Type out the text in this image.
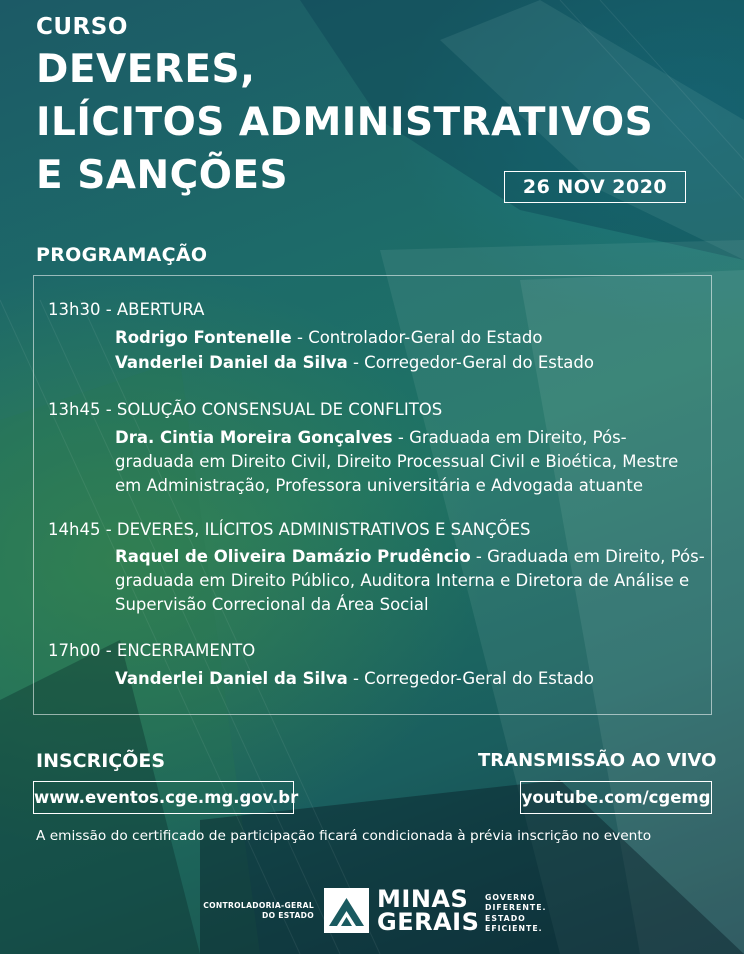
CURSO
DEVERES,
ILÍCITOS ADMINISTRATIVOS
E SANÇÕES	26 NOV 2020
PROGRAMAÇÃO
13h30 - ABERTURA
Rodrigo Fontenelle - Controlador-Geral do Estado
Vanderlei Daniel da Silva - Corregedor-Geral do Estado
13h45 - SOLUÇÃO CONSENSUAL DE CONFLITOS
Dra. Cintia Moreira Gonçalves - Graduada em Direito, Pós-graduada em Direito Civil, Direito Processual Civil e Bioética, Mestre em Administração, Professora universitária e Advogada atuante
14h45 - DEVERES, ILÍCITOS ADMINISTRATIVOS E SANÇÕES
Raquel de Oliveira Damázio Prudêncio - Graduada em Direito, Pós-graduada em Direito Público, Auditora Interna e Diretora de Análise e Supervisão Correcional da Área Social
17h00 - ENCERRAMENTO
Vanderlei Daniel da Silva - Corregedor-Geral do Estado
INSCRIÇÕES
www.eventos.cge.mg.gov.br
TRANSMISSÃO AO VIVO
youtube.com/cgemg
A emissão do certificado de participação ficará condicionada à prévia inscrição no evento
CONTROLADORIA-GERAL
DO ESTADO
MINAS
GERAIS
GOVERNO
DIFERENTE.
ESTADO
EFICIENTE.
